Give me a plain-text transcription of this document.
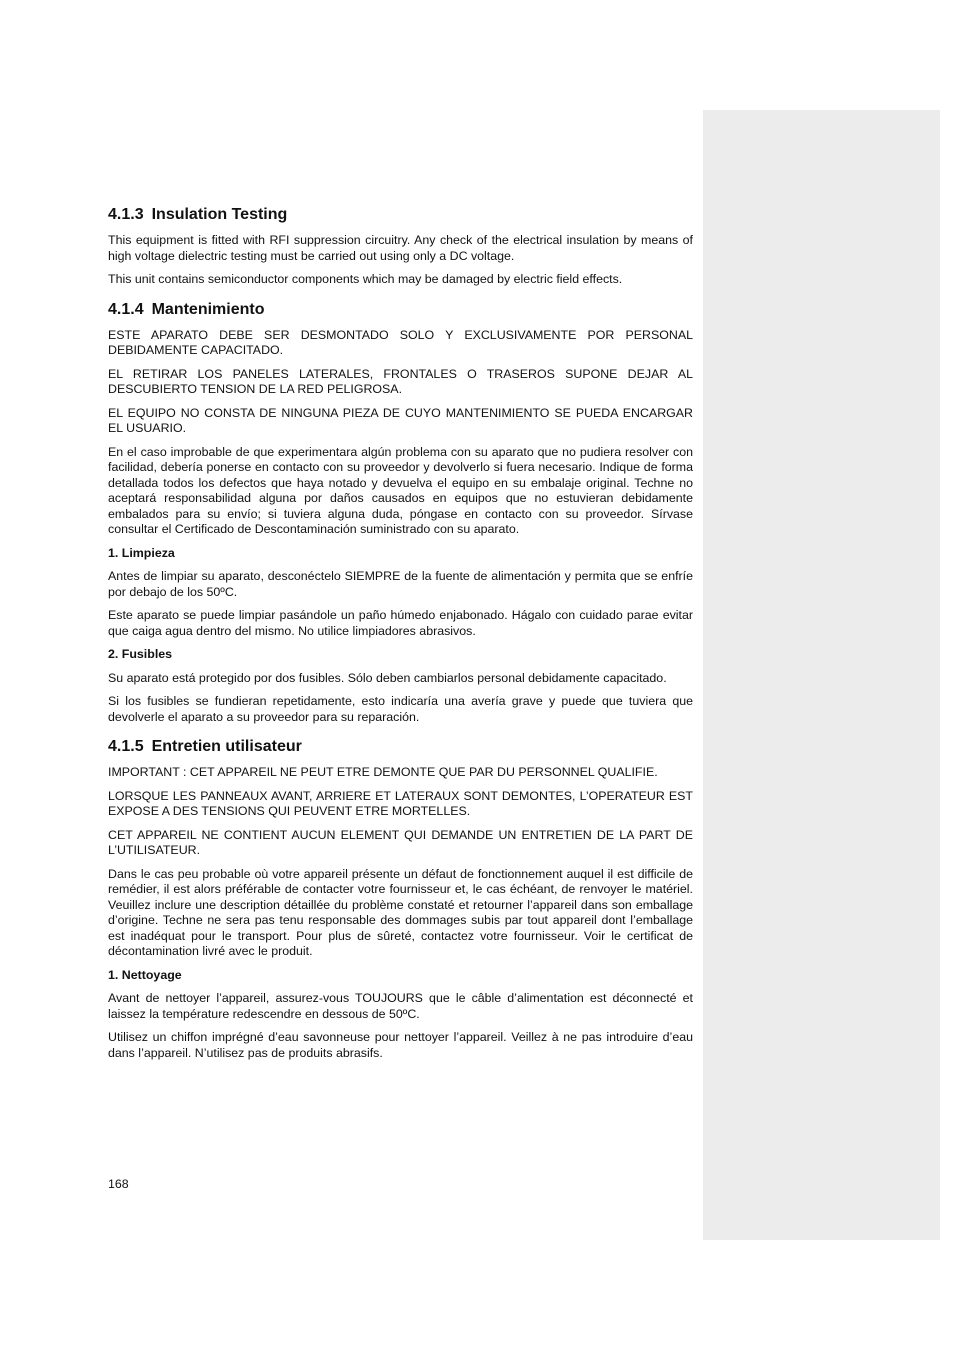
4.1.3 Insulation Testing

This equipment is fitted with RFI suppression circuitry. Any check of the electrical insulation by means of high voltage dielectric testing must be carried out using only a DC voltage.

This unit contains semiconductor components which may be damaged by electric field effects.

4.1.4 Mantenimiento

ESTE APARATO DEBE SER DESMONTADO SOLO Y EXCLUSIVAMENTE POR PERSONAL DEBIDAMENTE CAPACITADO.

EL RETIRAR LOS PANELES LATERALES, FRONTALES O TRASEROS SUPONE DEJAR AL DESCUBIERTO TENSION DE LA RED PELIGROSA.

EL EQUIPO NO CONSTA DE NINGUNA PIEZA DE CUYO MANTENIMIENTO SE PUEDA ENCARGAR EL USUARIO.

En el caso improbable de que experimentara algún problema con su aparato que no pudiera resolver con facilidad, debería ponerse en contacto con su proveedor y devolverlo si fuera necesario. Indique de forma detallada todos los defectos que haya notado y devuelva el equipo en su embalaje original. Techne no aceptará responsabilidad alguna por daños causados en equipos que no estuvieran debidamente embalados para su envío; si tuviera alguna duda, póngase en contacto con su proveedor. Sírvase consultar el Certificado de Descontaminación suministrado con su aparato.

1. Limpieza

Antes de limpiar su aparato, desconéctelo SIEMPRE de la fuente de alimentación y permita que se enfríe por debajo de los 50ºC.

Este aparato se puede limpiar pasándole un paño húmedo enjabonado. Hágalo con cuidado parae evitar que caiga agua dentro del mismo. No utilice limpiadores abrasivos.

2. Fusibles

Su aparato está protegido por dos fusibles. Sólo deben cambiarlos personal debidamente capacitado.

Si los fusibles se fundieran repetidamente, esto indicaría una avería grave y puede que tuviera que devolverle el aparato a su proveedor para su reparación.

4.1.5 Entretien utilisateur

IMPORTANT : CET APPAREIL NE PEUT ETRE DEMONTE QUE PAR DU PERSONNEL QUALIFIE.

LORSQUE LES PANNEAUX AVANT, ARRIERE ET LATERAUX SONT DEMONTES, L’OPERATEUR EST EXPOSE A DES TENSIONS QUI PEUVENT ETRE MORTELLES.

CET APPAREIL NE CONTIENT AUCUN ELEMENT QUI DEMANDE UN ENTRETIEN DE LA PART DE L’UTILISATEUR.

Dans le cas peu probable où votre appareil présente un défaut de fonctionnement auquel il est difficile de remédier, il est alors préférable de contacter votre fournisseur et, le cas échéant, de renvoyer le matériel. Veuillez inclure une description détaillée du problème constaté et retourner l’appareil dans son emballage d’origine. Techne ne sera pas tenu responsable des dommages subis par tout appareil dont l’emballage est inadéquat pour le transport. Pour plus de sûreté, contactez votre fournisseur. Voir le certificat de décontamination livré avec le produit.

1. Nettoyage

Avant de nettoyer l’appareil, assurez-vous TOUJOURS que le câble d’alimentation est déconnecté et laissez la température redescendre en dessous de 50ºC.

Utilisez un chiffon imprégné d’eau savonneuse pour nettoyer l’appareil. Veillez à ne pas introduire d’eau dans l’appareil. N’utilisez pas de produits abrasifs.

168
